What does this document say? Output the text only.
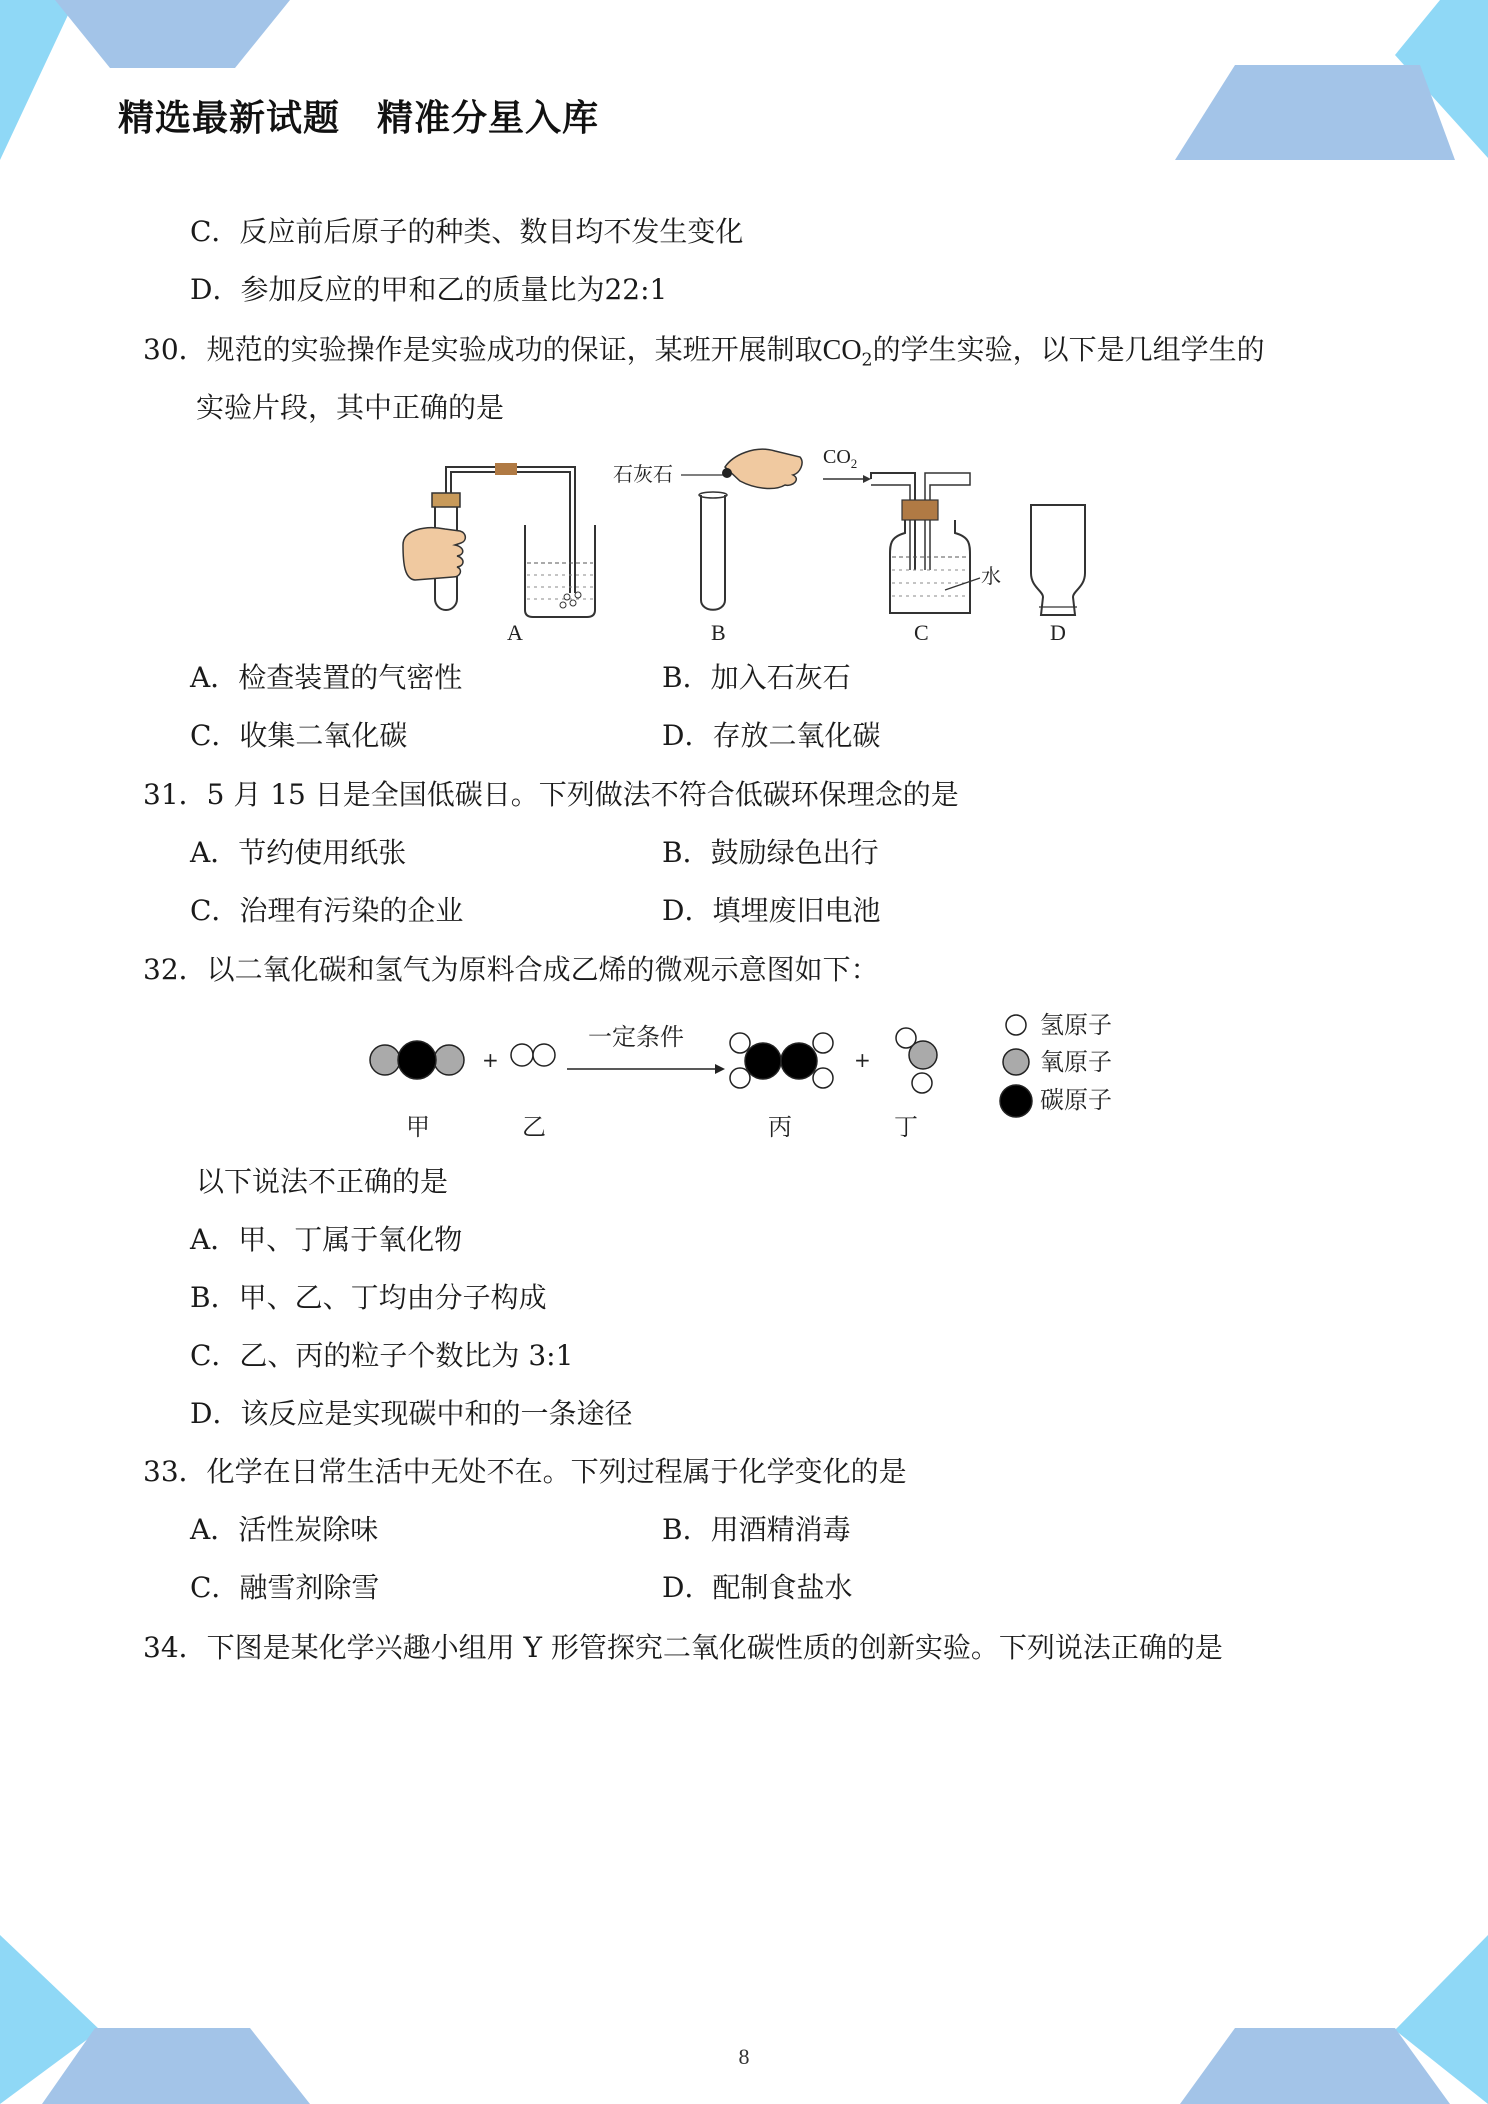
精选最新试题　精准分星入库
C．反应前后原子的种类、数目均不发生变化
D．参加反应的甲和乙的质量比为22:1
30．规范的实验操作是实验成功的保证，某班开展制取$CO_2$的学生实验，以下是几组学生的
实验片段，其中正确的是
A
石灰石
B
$CO_2$
水
C	D
A．检查装置的气密性	B．加入石灰石
C．收集二氧化碳	D．存放二氧化碳
31．5 月 15 日是全国低碳日。下列做法不符合低碳环保理念的是
A．节约使用纸张	B．鼓励绿色出行
C．治理有污染的企业	D．填埋废旧电池
32．以二氧化碳和氢气为原料合成乙烯的微观示意图如下：
+
一定条件
+
甲	乙	丙	丁
氢原子
氧原子
碳原子
以下说法不正确的是
A．甲、丁属于氧化物
B．甲、乙、丁均由分子构成
C．乙、丙的粒子个数比为 3:1
D．该反应是实现碳中和的一条途径
33．化学在日常生活中无处不在。下列过程属于化学变化的是
A．活性炭除味	B．用酒精消毒
C．融雪剂除雪	D．配制食盐水
34．下图是某化学兴趣小组用 Y 形管探究二氧化碳性质的创新实验。下列说法正确的是
8
